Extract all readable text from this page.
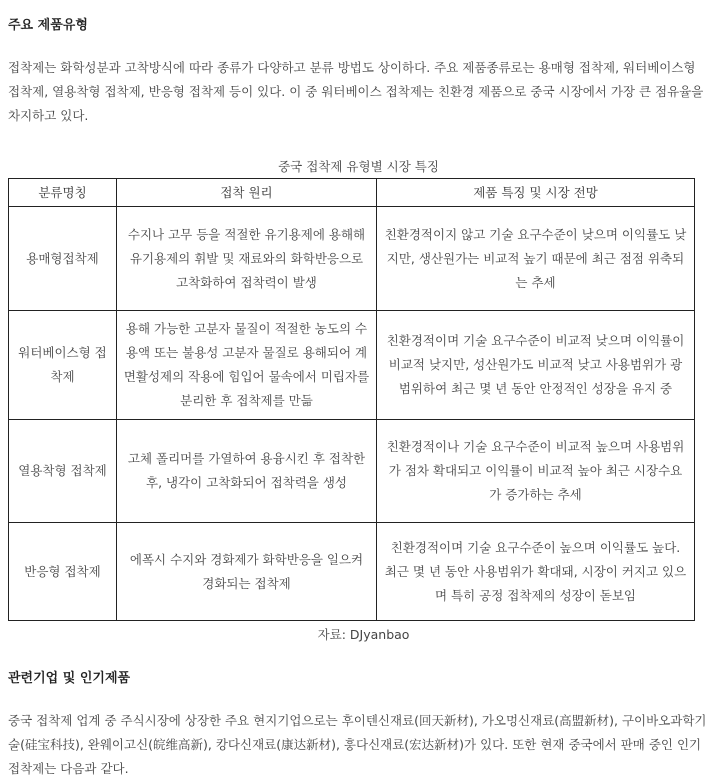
주요 제품유형

접착제는 화학성분과 고착방식에 따라 종류가 다양하고 분류 방법도 상이하다. 주요 제품종류로는 용매형 접착제, 워터베이스형 접착제, 열용착형 접착제, 반응형 접착제 등이 있다. 이 중 워터베이스 접착제는 친환경 제품으로 중국 시장에서 가장 큰 점유율을 차지하고 있다.

중국 접착제 유형별 시장 특징
분류명칭	접착 원리	제품 특징 및 시장 전망
용매형접착제	수지나 고무 등을 적절한 유기용제에 용해해 유기용제의 휘발 및 재료와의 화학반응으로 고착화하여 접착력이 발생	친환경적이지 않고 기술 요구수준이 낮으며 이익률도 낮지만, 생산원가는 비교적 높기 때문에 최근 점점 위축되는 추세
워터베이스형 접착제	용해 가능한 고분자 물질이 적절한 농도의 수용액 또는 불용성 고분자 물질로 용해되어 계면활성제의 작용에 힘입어 물속에서 미립자를 분리한 후 접착제를 만듦	친환경적이며 기술 요구수준이 비교적 낮으며 이익률이 비교적 낮지만, 성산원가도 비교적 낮고 사용범위가 광범위하여 최근 몇 년 동안 안정적인 성장을 유지 중
열용착형 접착제	고체 폴리머를 가열하여 용융시킨 후 접착한 후, 냉각이 고착화되어 접착력을 생성	친환경적이나 기술 요구수준이 비교적 높으며 사용범위가 점차 확대되고 이익률이 비교적 높아 최근 시장수요가 증가하는 추세
반응형 접착제	에폭시 수지와 경화제가 화학반응을 일으켜 경화되는 접착제	친환경적이며 기술 요구수준이 높으며 이익률도 높다. 최근 몇 년 동안 사용범위가 확대돼, 시장이 커지고 있으며 특히 공정 접착제의 성장이 돋보임
자료: DJyanbao
관련기업 및 인기제품

중국 접착제 업계 중 주식시장에 상장한 주요 현지기업으로는 후이텐신재료(回天新材), 가오멍신재료(高盟新材), 구이바오과학기술(硅宝科技), 완웨이고신(皖维高新), 캉다신재료(康达新材), 훙다신재료(宏达新材)가 있다. 또한 현재 중국에서 판매 중인 인기 접착제는 다음과 같다.
